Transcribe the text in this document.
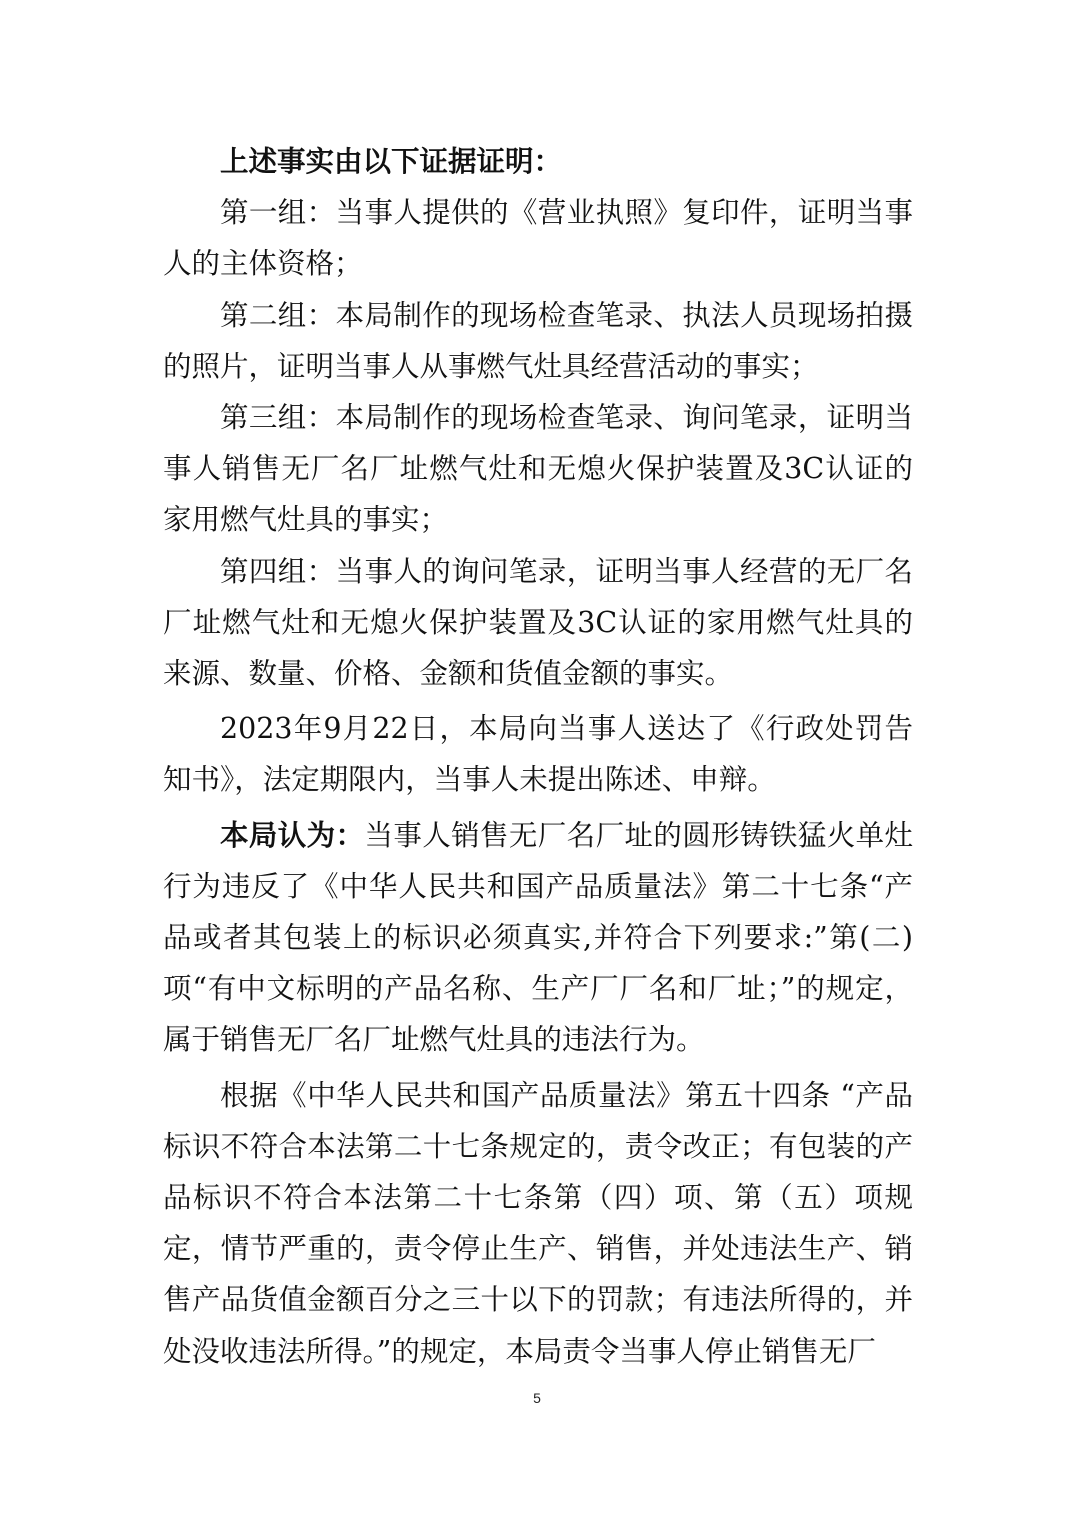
上述事实由以下证据证明：

第一组：当事人提供的《营业执照》复印件，证明当事人的主体资格；

第二组：本局制作的现场检查笔录、执法人员现场拍摄的照片，证明当事人从事燃气灶具经营活动的事实；

第三组：本局制作的现场检查笔录、询问笔录，证明当事人销售无厂名厂址燃气灶和无熄火保护装置及3C认证的家用燃气灶具的事实；

第四组：当事人的询问笔录，证明当事人经营的无厂名厂址燃气灶和无熄火保护装置及3C认证的家用燃气灶具的来源、数量、价格、金额和货值金额的事实。

2023年9月22日，本局向当事人送达了《行政处罚告知书》，法定期限内，当事人未提出陈述、申辩。

本局认为：当事人销售无厂名厂址的圆形铸铁猛火单灶行为违反了《中华人民共和国产品质量法》第二十七条“产品或者其包装上的标识必须真实,并符合下列要求:”第(二)项“有中文标明的产品名称、生产厂厂名和厂址；”的规定，属于销售无厂名厂址燃气灶具的违法行为。

根据《中华人民共和国产品质量法》第五十四条 “产品标识不符合本法第二十七条规定的，责令改正；有包装的产品标识不符合本法第二十七条第（四）项、第（五）项规定，情节严重的，责令停止生产、销售，并处违法生产、销售产品货值金额百分之三十以下的罚款；有违法所得的，并处没收违法所得。”的规定，本局责令当事人停止销售无厂

5
